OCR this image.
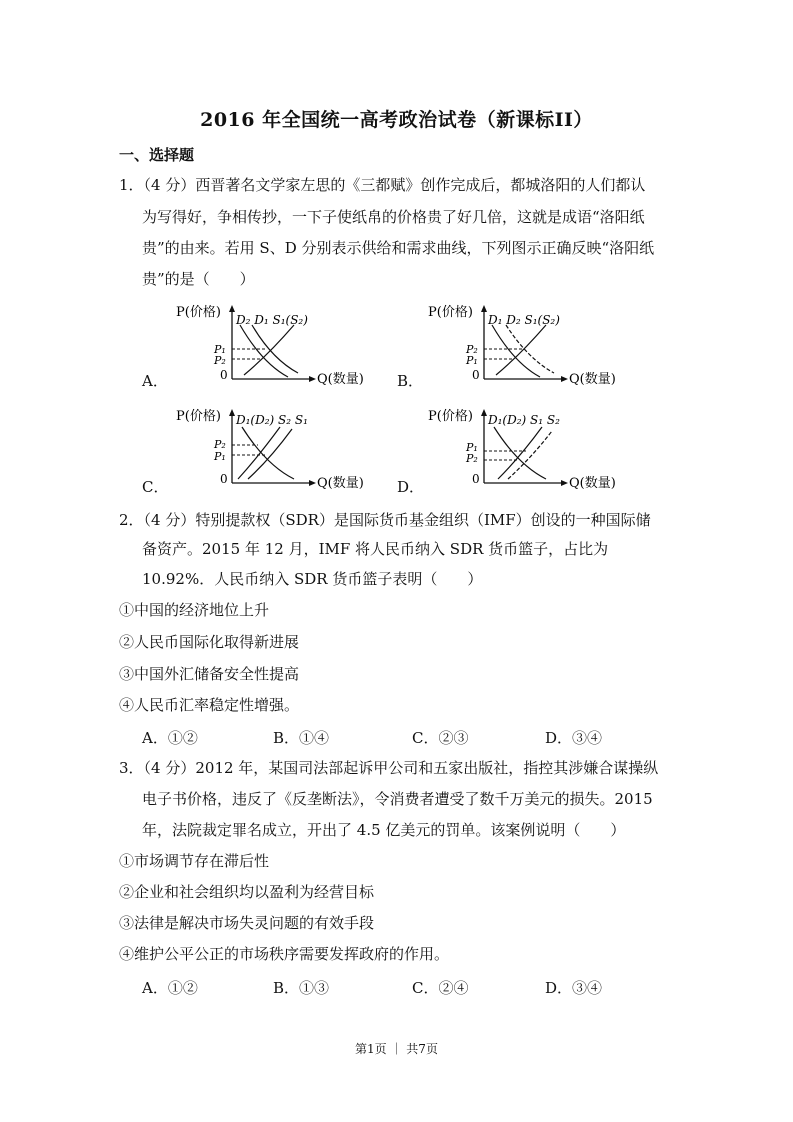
2016 年全国统一高考政治试卷（新课标II）
一、选择题
1．（4 分）西晋著名文学家左思的《三都赋》创作完成后，都城洛阳的人们都认
为写得好，争相传抄，一下子使纸帛的价格贵了好几倍，这就是成语“洛阳纸
贵”的由来。若用 S、D 分别表示供给和需求曲线，下列图示正确反映“洛阳纸
贵”的是（　　）
A．
P(价格)
Q(数量)
D₂ D₁ S₁(S₂)
P₁
P₂
0	B．
P(价格)
Q(数量)
D₁ D₂ S₁(S₂)
P₂
P₁
0
C．
P(价格)
Q(数量)
D₁(D₂) S₂ S₁
P₂
P₁
0	D．
P(价格)
Q(数量)
D₁(D₂) S₁ S₂
P₁
P₂
0
2．（4 分）特别提款权（SDR）是国际货币基金组织（IMF）创设的一种国际储
备资产。2015 年 12 月，IMF 将人民币纳入 SDR 货币篮子，占比为
10.92%．人民币纳入 SDR 货币篮子表明（　　）
①中国的经济地位上升
②人民币国际化取得新进展
③中国外汇储备安全性提高
④人民币汇率稳定性增强。
A．①②	B．①④	C．②③	D．③④
3．（4 分）2012 年，某国司法部起诉甲公司和五家出版社，指控其涉嫌合谋操纵
电子书价格，违反了《反垄断法》，令消费者遭受了数千万美元的损失。2015
年，法院裁定罪名成立，开出了 4.5 亿美元的罚单。该案例说明（　　）
①市场调节存在滞后性
②企业和社会组织均以盈利为经营目标
③法律是解决市场失灵问题的有效手段
④维护公平公正的市场秩序需要发挥政府的作用。
A．①②	B．①③	C．②④	D．③④
第1页 ｜ 共7页
